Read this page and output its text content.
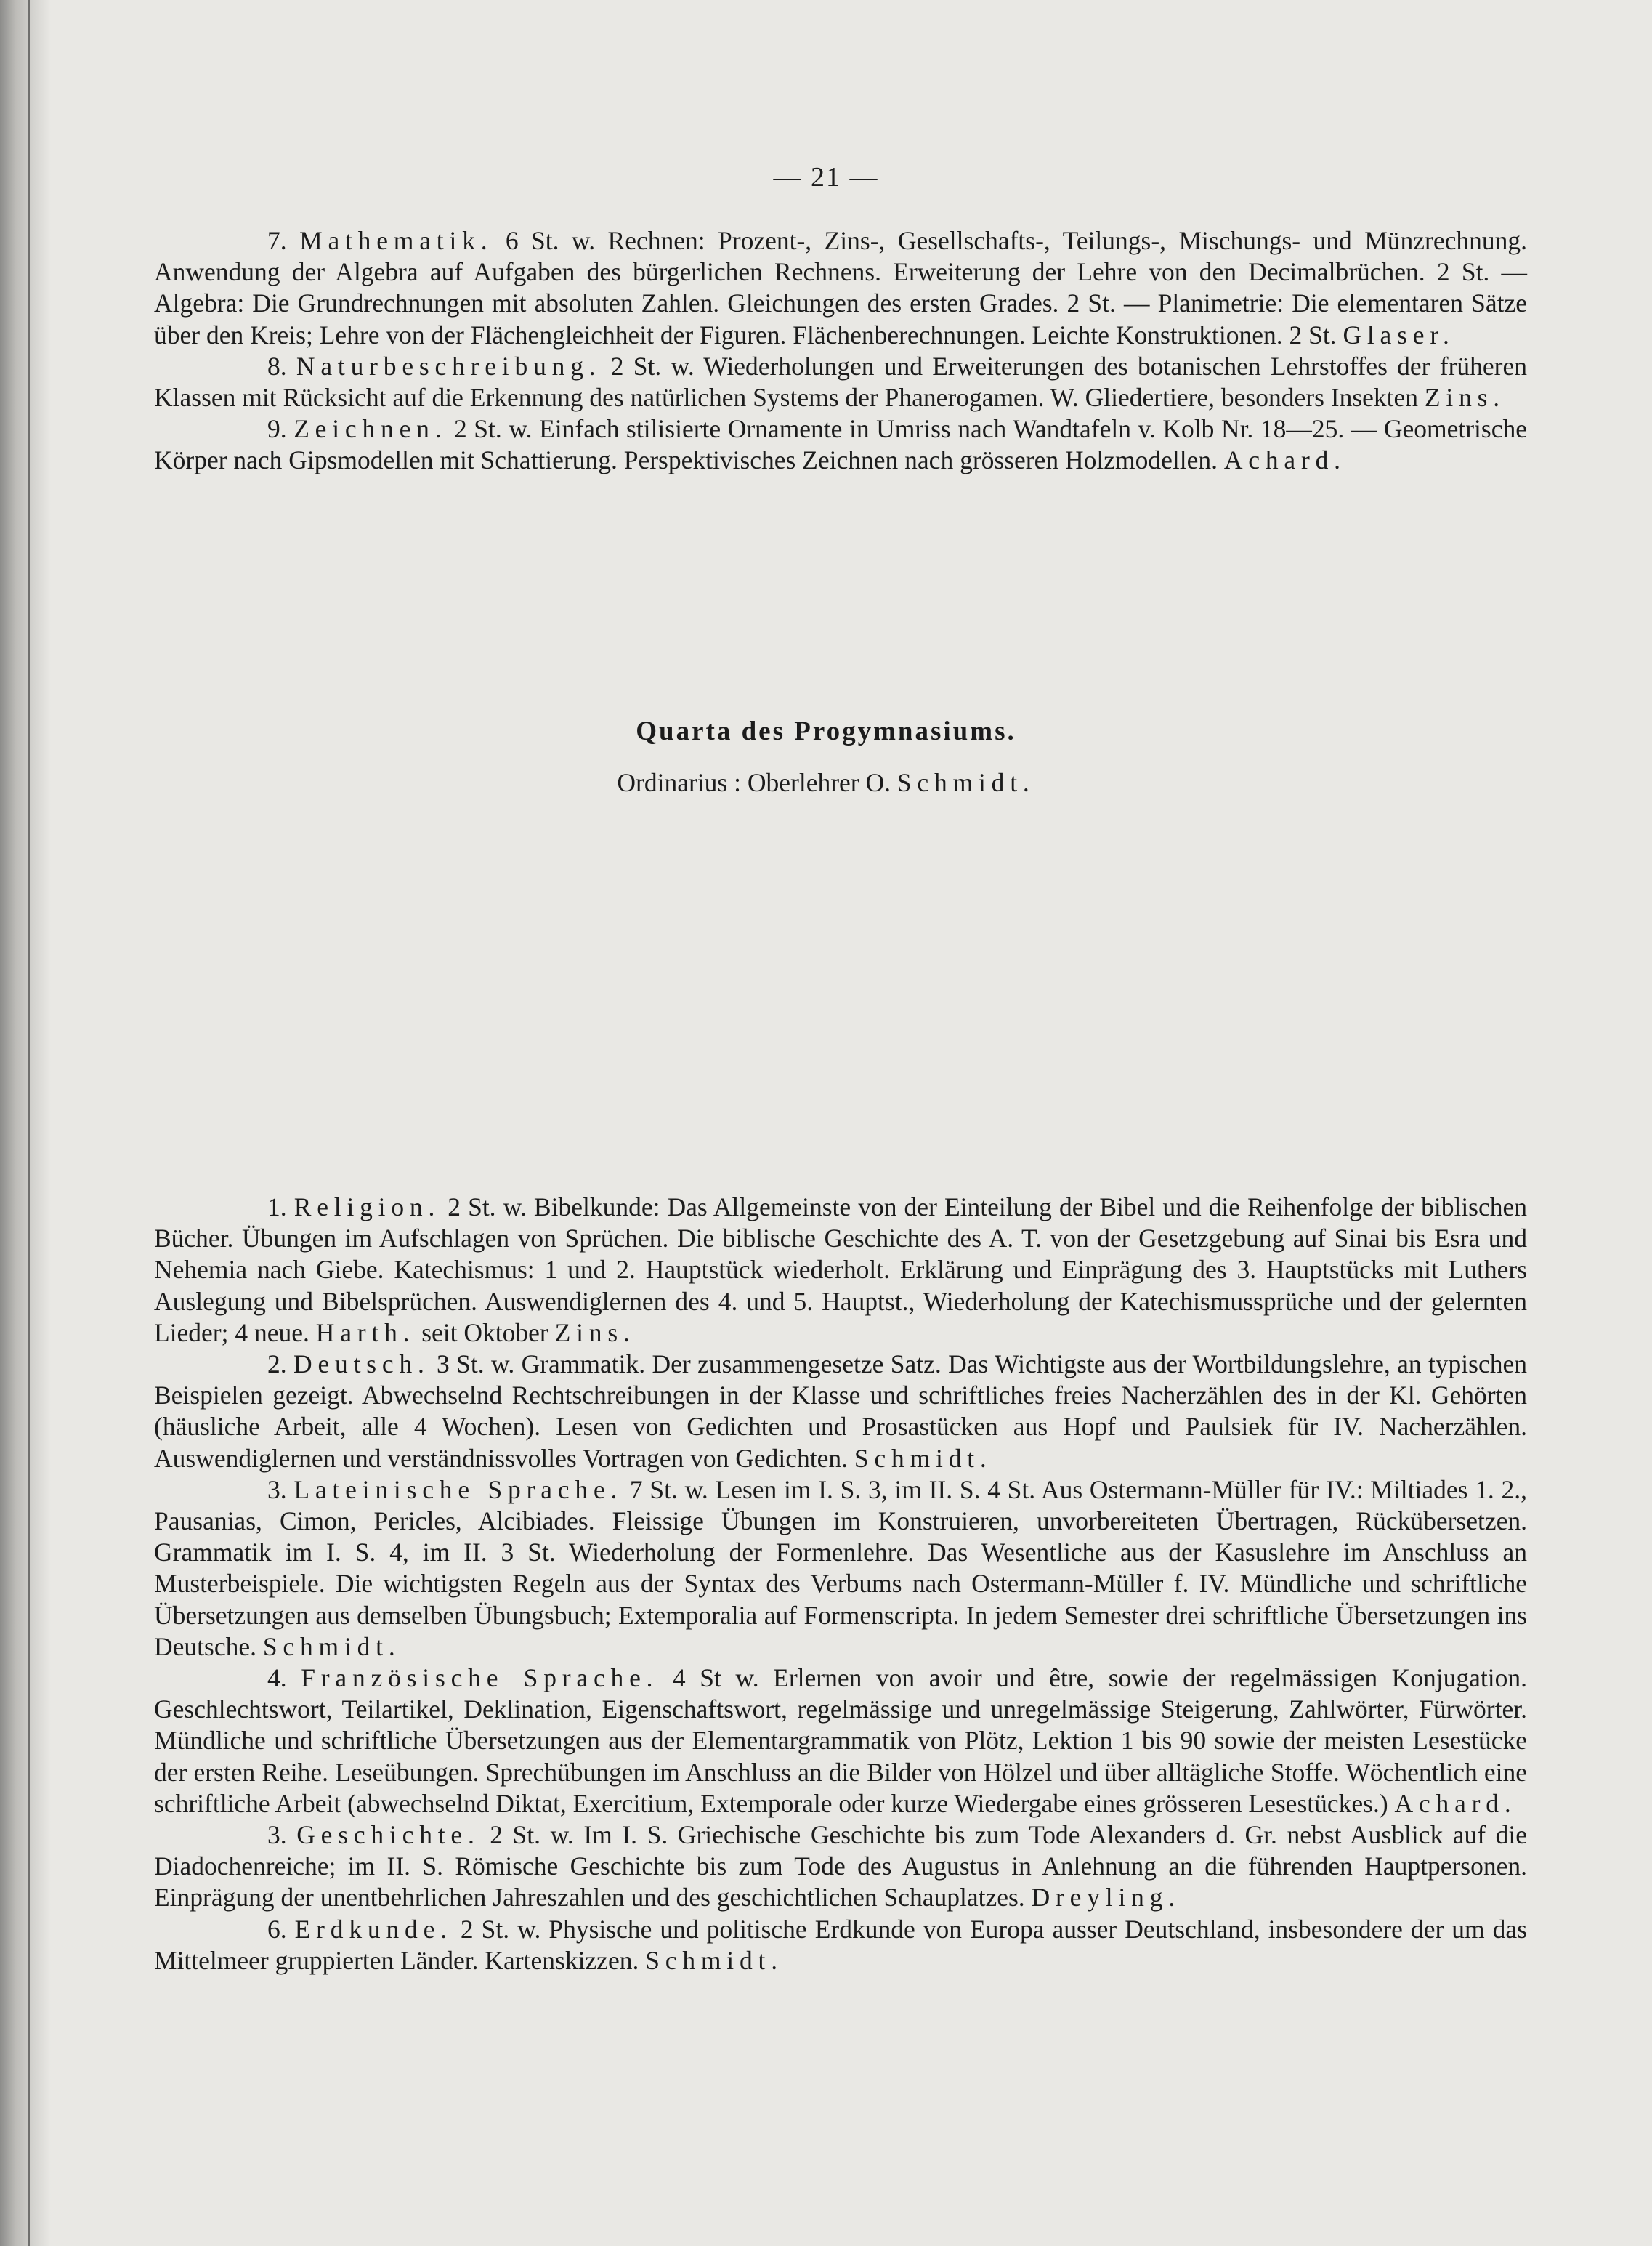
— 21 —

7. Mathematik. 6 St. w. Rechnen: Prozent-, Zins-, Gesellschafts-, Teilungs-, Mischungs- und Münzrechnung. Anwendung der Algebra auf Aufgaben des bürgerlichen Rechnens. Erweiterung der Lehre von den Decimalbrüchen. 2 St. — Algebra: Die Grundrechnungen mit absoluten Zahlen. Gleichungen des ersten Grades. 2 St. — Planimetrie: Die elementaren Sätze über den Kreis; Lehre von der Flächengleichheit der Figuren. Flächenberechnungen. Leichte Konstruktionen. 2 St. Glaser.

8. Naturbeschreibung. 2 St. w. Wiederholungen und Erweiterungen des botanischen Lehrstoffes der früheren Klassen mit Rücksicht auf die Erkennung des natürlichen Systems der Phanerogamen. W. Gliedertiere, besonders Insekten Zins.

9. Zeichnen. 2 St. w. Einfach stilisierte Ornamente in Umriss nach Wandtafeln v. Kolb Nr. 18—25. — Geometrische Körper nach Gipsmodellen mit Schattierung. Perspektivisches Zeichnen nach grösseren Holzmodellen. Achard.

Quarta des Progymnasiums.
Ordinarius : Oberlehrer O. Schmidt.

1. Religion. 2 St. w. Bibelkunde: Das Allgemeinste von der Einteilung der Bibel und die Reihenfolge der biblischen Bücher. Übungen im Aufschlagen von Sprüchen. Die biblische Geschichte des A. T. von der Gesetzgebung auf Sinai bis Esra und Nehemia nach Giebe. Katechismus: 1 und 2. Hauptstück wiederholt. Erklärung und Einprägung des 3. Hauptstücks mit Luthers Auslegung und Bibelsprüchen. Auswendiglernen des 4. und 5. Hauptst., Wiederholung der Katechismussprüche und der gelernten Lieder; 4 neue. Harth. seit Oktober Zins.

2. Deutsch. 3 St. w. Grammatik. Der zusammengesetze Satz. Das Wichtigste aus der Wortbildungslehre, an typischen Beispielen gezeigt. Abwechselnd Rechtschreibungen in der Klasse und schriftliches freies Nacherzählen des in der Kl. Gehörten (häusliche Arbeit, alle 4 Wochen). Lesen von Gedichten und Prosastücken aus Hopf und Paulsiek für IV. Nacherzählen. Auswendiglernen und verständnissvolles Vortragen von Gedichten. Schmidt.

3. Lateinische Sprache. 7 St. w. Lesen im I. S. 3, im II. S. 4 St. Aus Ostermann-Müller für IV.: Miltiades 1. 2., Pausanias, Cimon, Pericles, Alcibiades. Fleissige Übungen im Konstruieren, unvorbereiteten Übertragen, Rückübersetzen. Grammatik im I. S. 4, im II. 3 St. Wiederholung der Formenlehre. Das Wesentliche aus der Kasuslehre im Anschluss an Musterbeispiele. Die wichtigsten Regeln aus der Syntax des Verbums nach Ostermann-Müller f. IV. Mündliche und schriftliche Übersetzungen aus demselben Übungsbuch; Extemporalia auf Formenscripta. In jedem Semester drei schriftliche Übersetzungen ins Deutsche. Schmidt.

4. Französische Sprache. 4 St w. Erlernen von avoir und être, sowie der regelmässigen Konjugation. Geschlechtswort, Teilartikel, Deklination, Eigenschaftswort, regelmässige und unregelmässige Steigerung, Zahlwörter, Fürwörter. Mündliche und schriftliche Übersetzungen aus der Elementargrammatik von Plötz, Lektion 1 bis 90 sowie der meisten Lesestücke der ersten Reihe. Leseübungen. Sprechübungen im Anschluss an die Bilder von Hölzel und über alltägliche Stoffe. Wöchentlich eine schriftliche Arbeit (abwechselnd Diktat, Exercitium, Extemporale oder kurze Wiedergabe eines grösseren Lesestückes.) Achard.

3. Geschichte. 2 St. w. Im I. S. Griechische Geschichte bis zum Tode Alexanders d. Gr. nebst Ausblick auf die Diadochenreiche; im II. S. Römische Geschichte bis zum Tode des Augustus in Anlehnung an die führenden Hauptpersonen. Einprägung der unentbehrlichen Jahreszahlen und des geschichtlichen Schauplatzes. Dreyling.

6. Erdkunde. 2 St. w. Physische und politische Erdkunde von Europa ausser Deutschland, insbesondere der um das Mittelmeer gruppierten Länder. Kartenskizzen. Schmidt.
